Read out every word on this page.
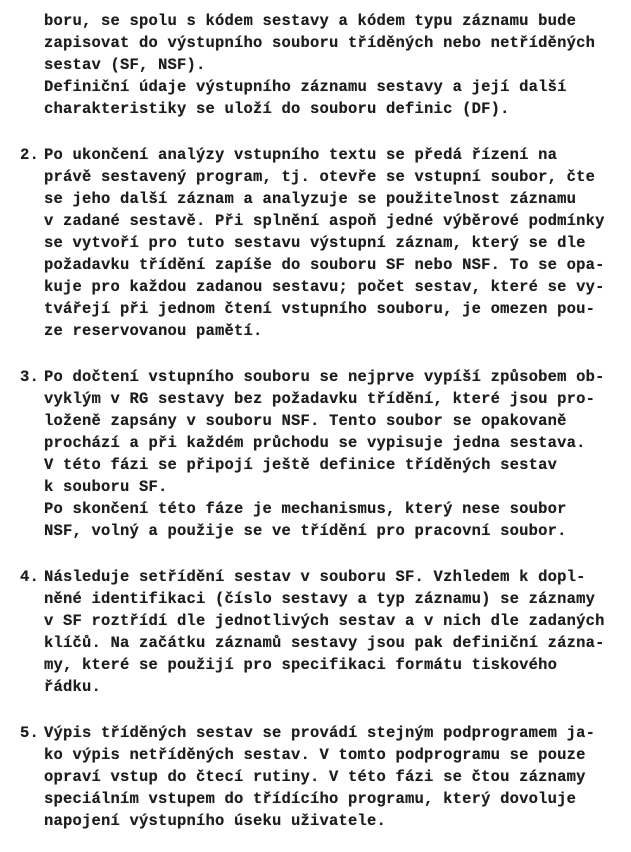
boru, se spolu s kódem sestavy a kódem typu záznamu bude
zapisovat do výstupního souboru tříděných nebo netříděných
sestav (SF, NSF).
Definiční údaje výstupního záznamu sestavy a její další
charakteristiky se uloží do souboru definic (DF).
2. Po ukončení analýzy vstupního textu se předá řízení na
právě sestavený program, tj. otevře se vstupní soubor, čte
se jeho další záznam a analyzuje se použitelnost záznamu
v zadané sestavě. Při splnění aspoň jedné výběrové podmínky
se vytvoří pro tuto sestavu výstupní záznam, který se dle
požadavku třídění zapíše do souboru SF nebo NSF. To se opa-
kuje pro každou zadanou sestavu; počet sestav, které se vy-
tvářejí při jednom čtení vstupního souboru, je omezen pou-
ze reservovanou pamětí.
3. Po dočtení vstupního souboru se nejprve vypíší způsobem ob-
vyklým v RG sestavy bez požadavku třídění, které jsou pro-
loženě zapsány v souboru NSF. Tento soubor se opakovaně
prochází a při každém průchodu se vypisuje jedna sestava.
V této fázi se připojí ještě definice tříděných sestav
k souboru SF.
Po skončení této fáze je mechanismus, který nese soubor
NSF, volný a použije se ve třídění pro pracovní soubor.
4. Následuje setřídění sestav v souboru SF. Vzhledem k dopl-
něné identifikaci (číslo sestavy a typ záznamu) se záznamy
v SF roztřídí dle jednotlivých sestav a v nich dle zadaných
klíčů. Na začátku záznamů sestavy jsou pak definiční zázna-
my, které se použijí pro specifikaci formátu tiskového
řádku.
5. Výpis tříděných sestav se provádí stejným podprogramem ja-
ko výpis netříděných sestav. V tomto podprogramu se pouze
opraví vstup do čtecí rutiny. V této fázi se čtou záznamy
speciálním vstupem do třídícího programu, který dovoluje
napojení výstupního úseku uživatele.
